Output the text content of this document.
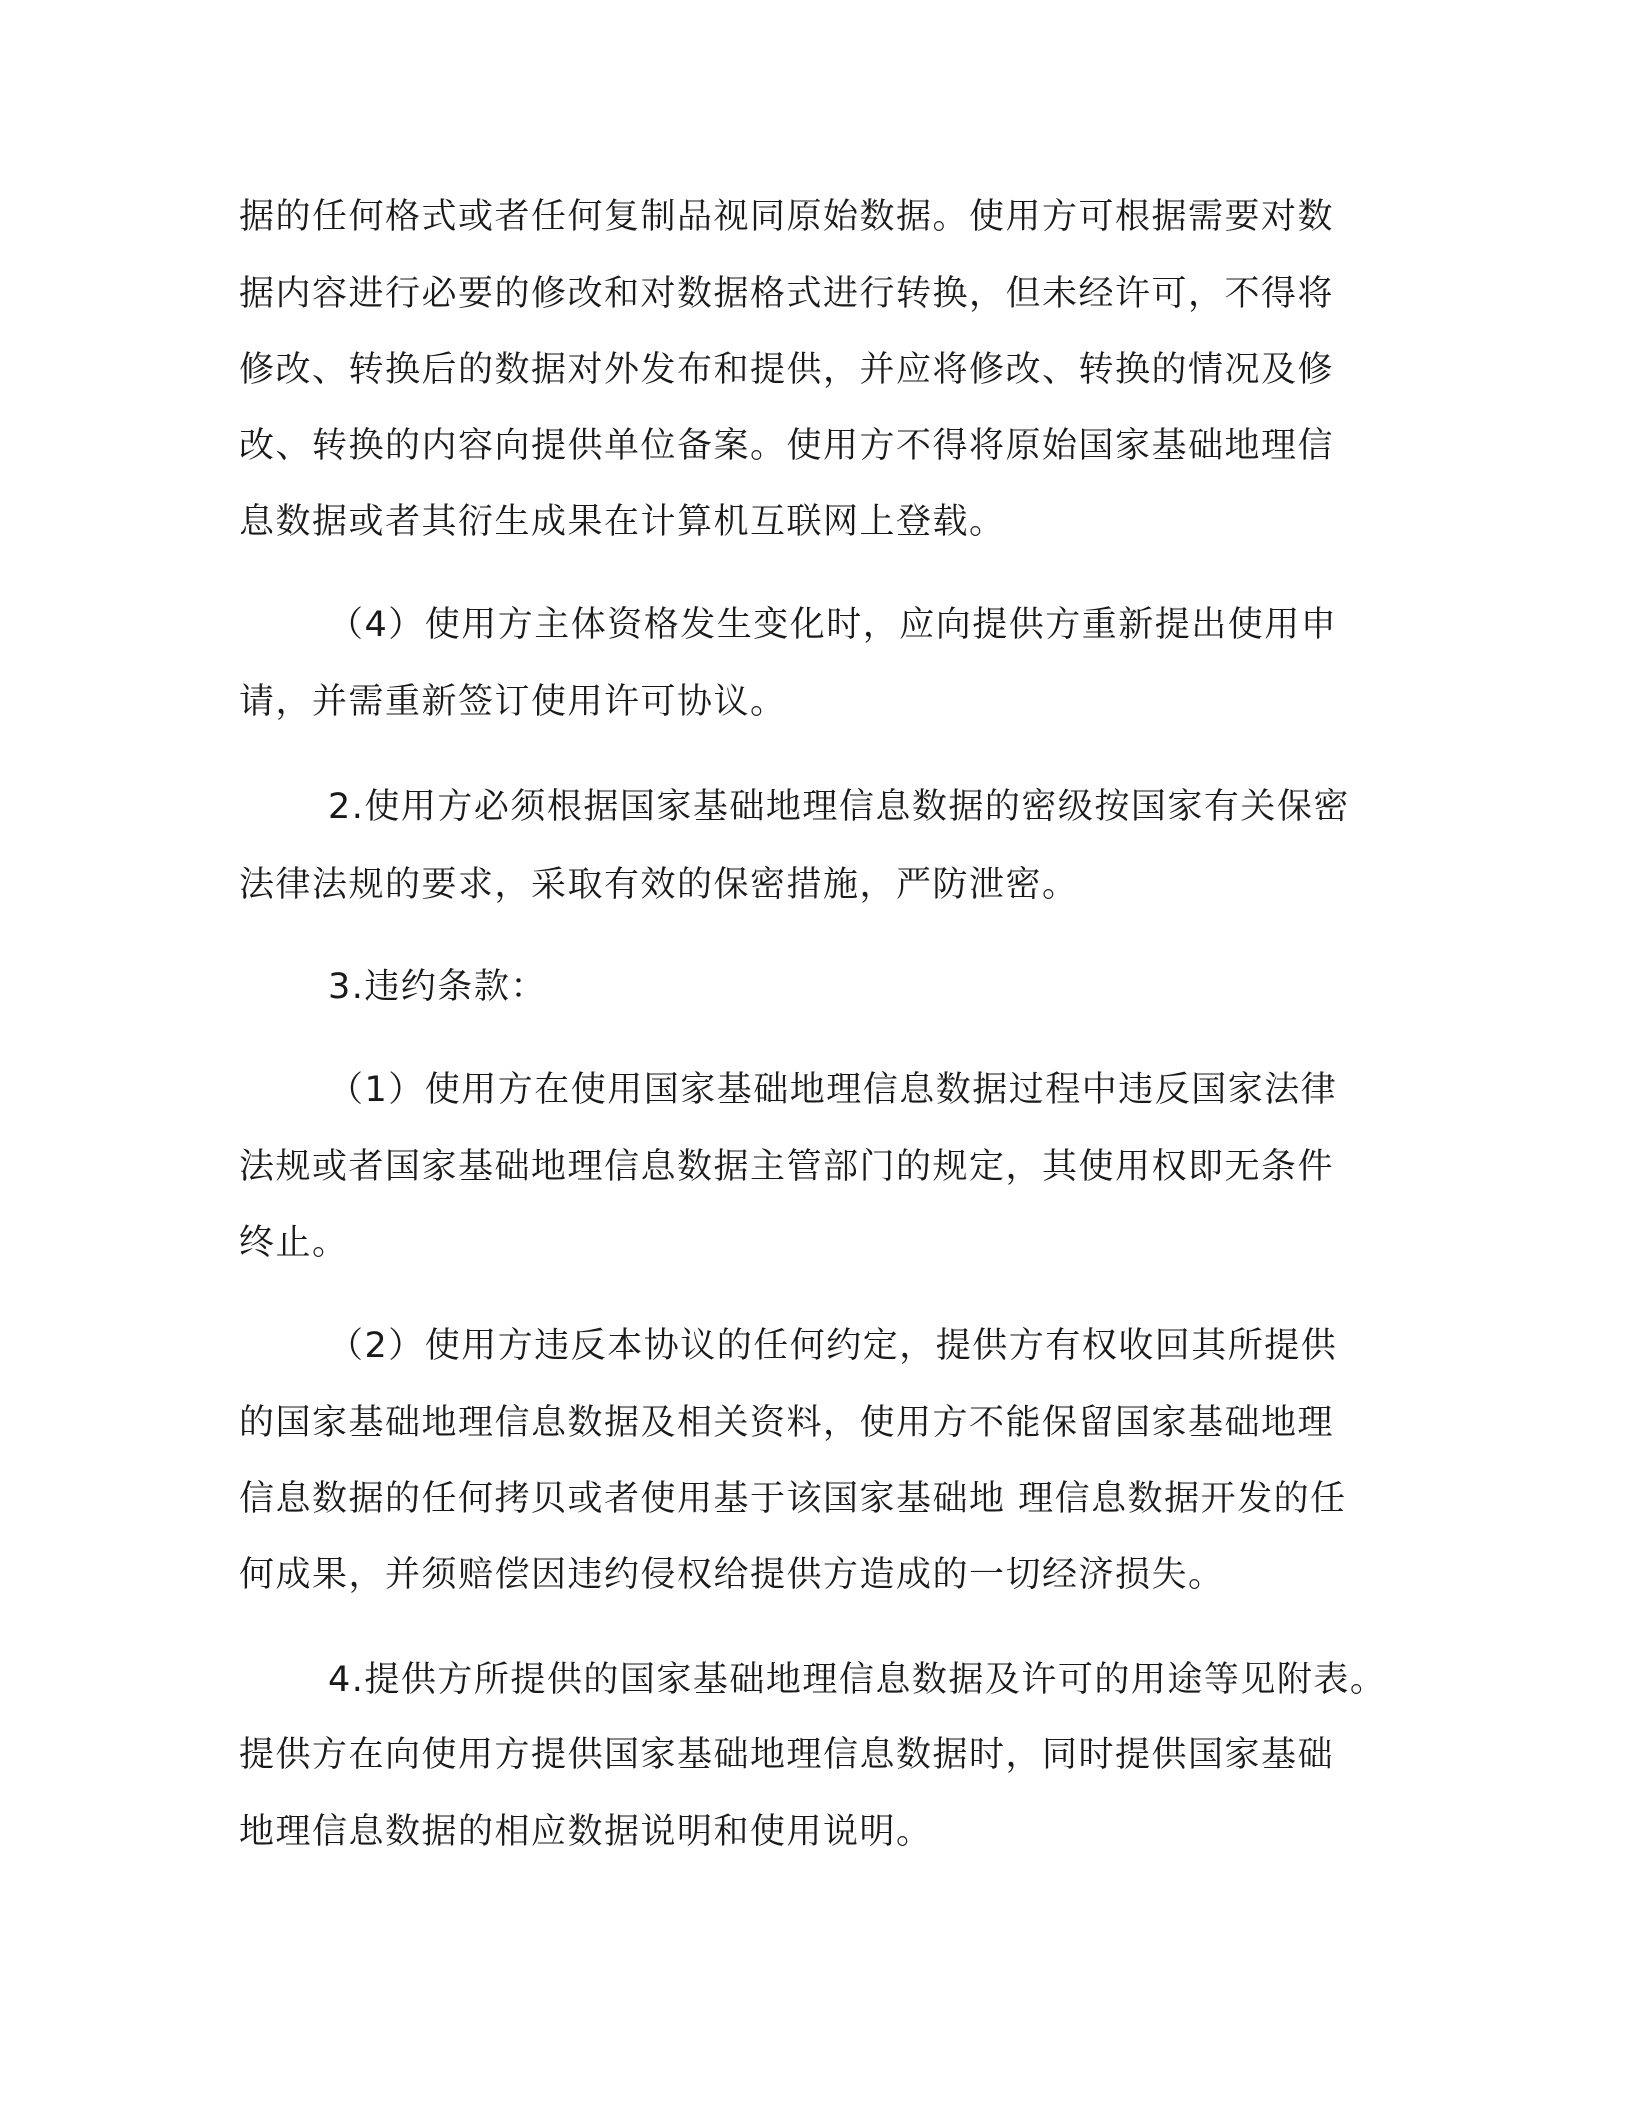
据的任何格式或者任何复制品视同原始数据。使用方可根据需要对数

据内容进行必要的修改和对数据格式进行转换，但未经许可，不得将

修改、转换后的数据对外发布和提供，并应将修改、转换的情况及修

改、转换的内容向提供单位备案。使用方不得将原始国家基础地理信

息数据或者其衍生成果在计算机互联网上登载。

（4）使用方主体资格发生变化时，应向提供方重新提出使用申

请，并需重新签订使用许可协议。

2.使用方必须根据国家基础地理信息数据的密级按国家有关保密

法律法规的要求，采取有效的保密措施，严防泄密。

3.违约条款：

（1）使用方在使用国家基础地理信息数据过程中违反国家法律

法规或者国家基础地理信息数据主管部门的规定，其使用权即无条件

终止。

（2）使用方违反本协议的任何约定，提供方有权收回其所提供

的国家基础地理信息数据及相关资料，使用方不能保留国家基础地理

信息数据的任何拷贝或者使用基于该国家基础地 理信息数据开发的任

何成果，并须赔偿因违约侵权给提供方造成的一切经济损失。

4.提供方所提供的国家基础地理信息数据及许可的用途等见附表。

提供方在向使用方提供国家基础地理信息数据时，同时提供国家基础

地理信息数据的相应数据说明和使用说明。
